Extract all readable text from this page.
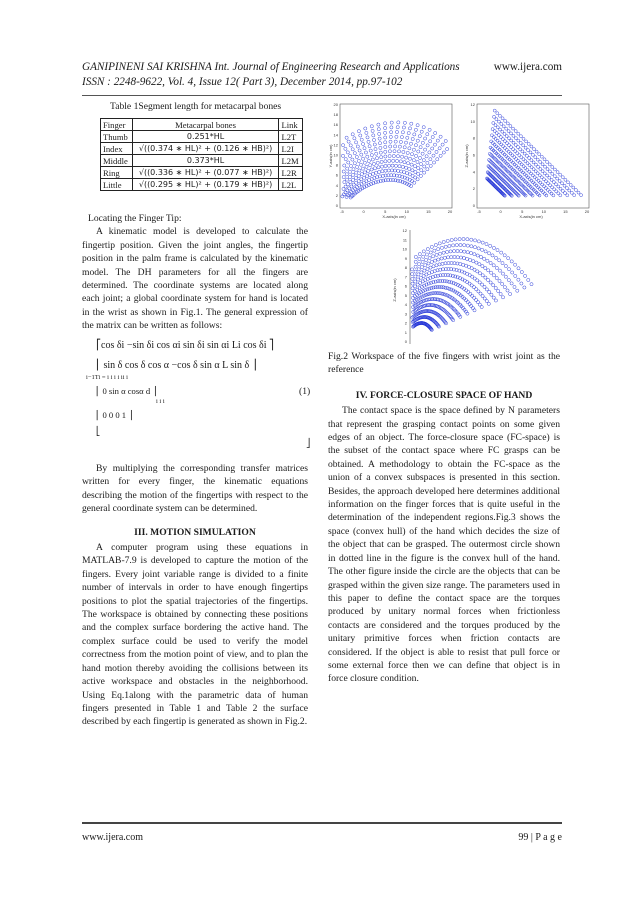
GANIPINENI SAI KRISHNA Int. Journal of Engineering Research and Applications	www.ijera.com
ISSN : 2248-9622, Vol. 4, Issue 12( Part 3), December 2014, pp.97-102
Table 1Segment length for metacarpal bones
Finger	Metacarpal bones	Link
Thumb	0.251*HL	L2T
Index	√((0.374 ∗ HL)² + (0.126 ∗ HB)²)	L2I
Middle	0.373*HL	L2M
Ring	√((0.336 ∗ HL)² + (0.077 ∗ HB)²)	L2R
Little	√((0.295 ∗ HL)² + (0.179 ∗ HB)²)	L2L

Locating the Finger Tip:

A kinematic model is developed to calculate the fingertip position. Given the joint angles, the fingertip position in the palm frame is calculated by the kinematic model. The DH parameters for all the fingers are determined. The coordinate systems are located along each joint; a global coordinate system for hand is located in the wrist as shown in Fig.1. The general expression of the matrix can be written as follows:

⎡cos δi −sin δi cos αi sin δi sin αi Li cos δi ⎤
⎢ sin δ cos δ cos α −cos δ sin α L sin δ ⎥
i−1Ti = i i i i ii i
⎢ 0 sin α cosα d ⎥
i i i
⎢ 0 0 0 1 ⎥
⎣
⎦
(1)

By multiplying the corresponding transfer matrices written for every finger, the kinematic equations describing the motion of the fingertips with respect to the general coordinate system can be determined.

III. MOTION SIMULATION

A computer program using these equations in MATLAB-7.9 is developed to capture the motion of the fingers. Every joint variable range is divided to a finite number of intervals in order to have enough fingertips positions to plot the spatial trajectories of the fingertips. The workspace is obtained by connecting these positions and the complex surface bordering the active hand. The complex surface could be used to verify the model correctness from the motion point of view, and to plan the hand motion thereby avoiding the collisions between its active workspace and obstacles in the neighborhood. Using Eq.1along with the parametric data of human fingers presented in Table 1 and Table 2 the surface described by each fingertip is generated as shown in Fig.2.

0
2
4
6
8
10
12
14
16
18
20
-5	0	5	10	15	20
X-axis(in cm)
Y-axis(in cm)
0
2
4
6
8
10
12
-5	0	5	10	15	20
X-axis(in cm)
Z-axis(in cm)
0
1
2
3
4
5
6
7
8
9
10
11
12
Z-axis(in cm)

Fig.2 Workspace of the five fingers with wrist joint as the reference

IV. FORCE-CLOSURE SPACE OF HAND

The contact space is the space defined by N parameters that represent the grasping contact points on some given edges of an object. The force-closure space (FC-space) is the subset of the contact space where FC grasps can be obtained. A methodology to obtain the FC-space as the union of a convex subspaces is presented in this section. Besides, the approach developed here determines additional information on the finger forces that is quite useful in the determination of the independent regions.Fig.3 shows the space (convex hull) of the hand which decides the size of the object that can be grasped. The outermost circle shown in dotted line in the figure is the convex hull of the hand. The other figure inside the circle are the objects that can be grasped within the given size range. The parameters used in this paper to define the contact space are the torques produced by unitary normal forces when frictionless contacts are considered and the torques produced by the unitary primitive forces when friction contacts are considered. If the object is able to resist that pull force or some external force then we can define that object is in force closure condition.

www.ijera.com	99 | P a g e
